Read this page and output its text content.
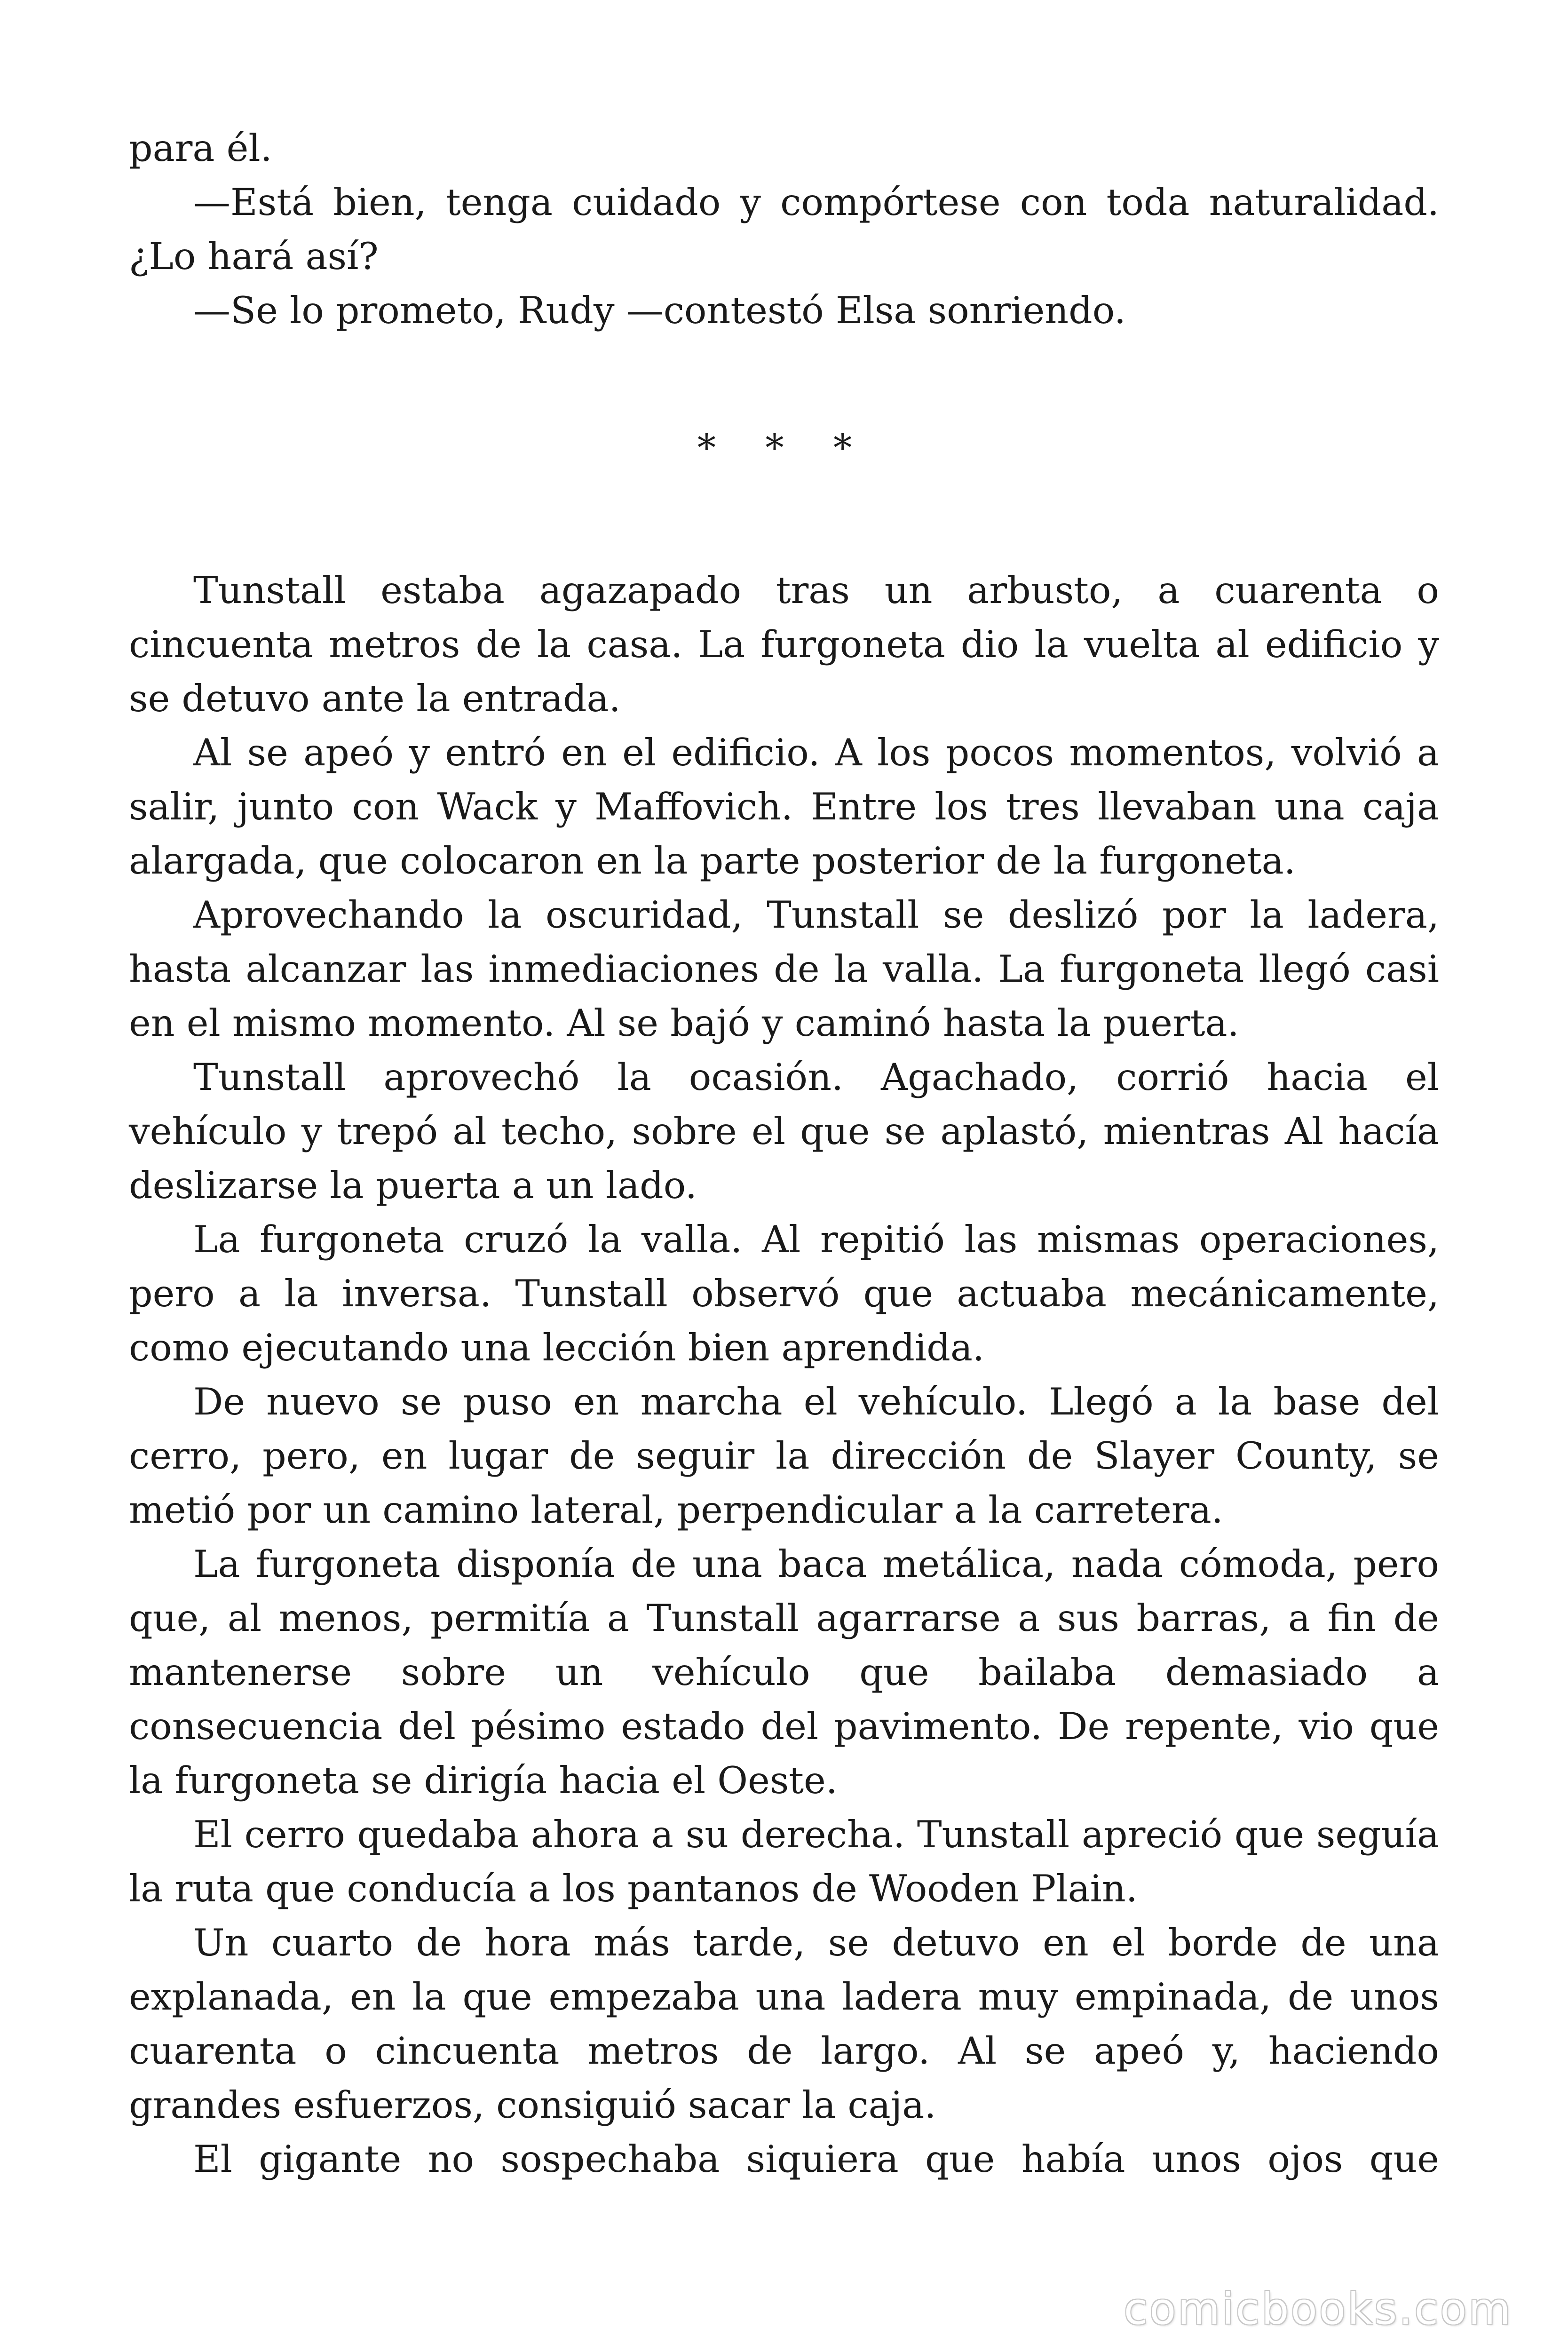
para él.

—Está bien, tenga cuidado y compórtese con toda naturalidad.

¿Lo hará así?

—Se lo prometo, Rudy —contestó Elsa sonriendo.

* * *

Tunstall estaba agazapado tras un arbusto, a cuarenta o

cincuenta metros de la casa. La furgoneta dio la vuelta al edificio y

se detuvo ante la entrada.

Al se apeó y entró en el edificio. A los pocos momentos, volvió a

salir, junto con Wack y Maffovich. Entre los tres llevaban una caja

alargada, que colocaron en la parte posterior de la furgoneta.

Aprovechando la oscuridad, Tunstall se deslizó por la ladera,

hasta alcanzar las inmediaciones de la valla. La furgoneta llegó casi

en el mismo momento. Al se bajó y caminó hasta la puerta.

Tunstall aprovechó la ocasión. Agachado, corrió hacia el

vehículo y trepó al techo, sobre el que se aplastó, mientras Al hacía

deslizarse la puerta a un lado.

La furgoneta cruzó la valla. Al repitió las mismas operaciones,

pero a la inversa. Tunstall observó que actuaba mecánicamente,

como ejecutando una lección bien aprendida.

De nuevo se puso en marcha el vehículo. Llegó a la base del

cerro, pero, en lugar de seguir la dirección de Slayer County, se

metió por un camino lateral, perpendicular a la carretera.

La furgoneta disponía de una baca metálica, nada cómoda, pero

que, al menos, permitía a Tunstall agarrarse a sus barras, a fin de

mantenerse sobre un vehículo que bailaba demasiado a

consecuencia del pésimo estado del pavimento. De repente, vio que

la furgoneta se dirigía hacia el Oeste.

El cerro quedaba ahora a su derecha. Tunstall apreció que seguía

la ruta que conducía a los pantanos de Wooden Plain.

Un cuarto de hora más tarde, se detuvo en el borde de una

explanada, en la que empezaba una ladera muy empinada, de unos

cuarenta o cincuenta metros de largo. Al se apeó y, haciendo

grandes esfuerzos, consiguió sacar la caja.

El gigante no sospechaba siquiera que había unos ojos que

comicbooks.com
